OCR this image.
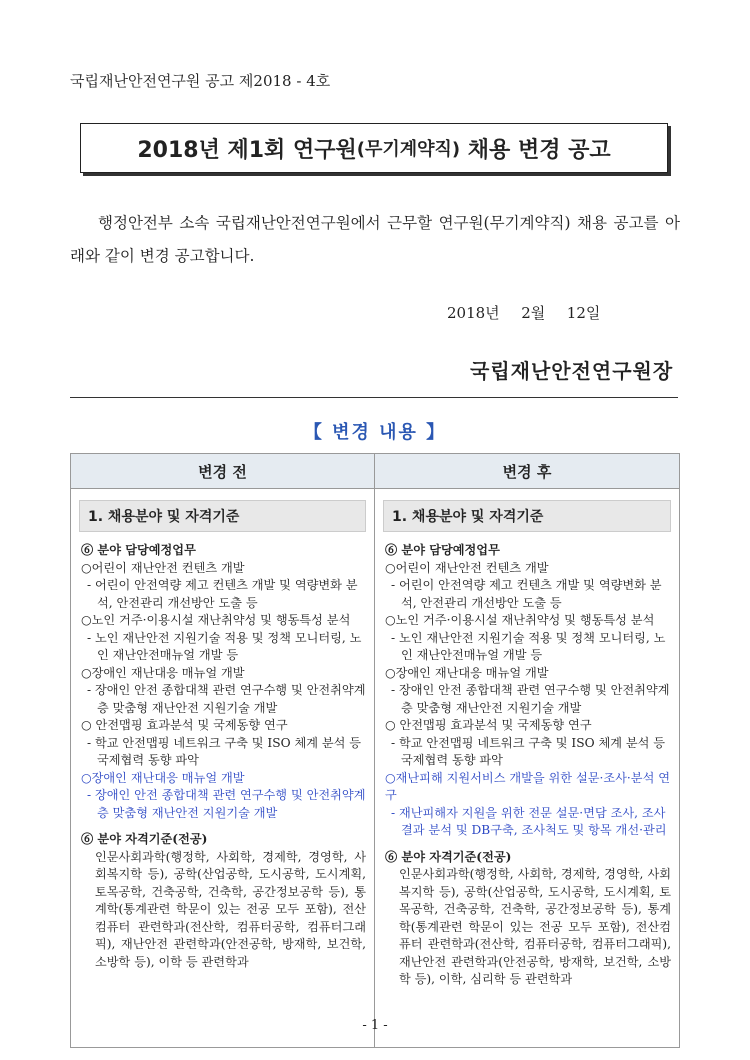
국립재난안전연구원 공고 제2018 - 4호
2018년 제1회 연구원 (무기계약직) 채용 변경 공고
행정안전부 소속 국립재난안전연구원에서 근무할 연구원(무기계약직) 채용 공고를 아래와 같이 변경 공고합니다.
2018년  2월  12일
국립재난안전연구원장
【 변경 내용 】
변경 전
1. 채용분야 및 자격기준
⑥ 분야 담당예정업무
○어린이 재난안전 컨텐츠 개발
- 어린이 안전역량 제고 컨텐츠 개발 및 역량변화 분석, 안전관리 개선방안 도출 등
○노인 거주·이용시설 재난취약성 및 행동특성 분석
- 노인 재난안전 지원기술 적용 및 정책 모니터링, 노인 재난안전매뉴얼 개발 등
○장애인 재난대응 매뉴얼 개발
- 장애인 안전 종합대책 관련 연구수행 및 안전취약계층 맞춤형 재난안전 지원기술 개발
○ 안전맵핑 효과분석 및 국제동향 연구
- 학교 안전맵핑 네트워크 구축 및 ISO 체계 분석 등 국제협력 동향 파악
○장애인 재난대응 매뉴얼 개발
- 장애인 안전 종합대책 관련 연구수행 및 안전취약계층 맞춤형 재난안전 지원기술 개발
⑥ 분야 자격기준(전공)
인문사회과학(행정학, 사회학, 경제학, 경영학, 사회복지학 등), 공학(산업공학, 도시공학, 도시계획, 토목공학, 건축공학, 건축학, 공간정보공학 등), 통계학(통계관련 학문이 있는 전공 모두 포함), 전산컴퓨터 관련학과(전산학, 컴퓨터공학, 컴퓨터그래픽), 재난안전 관련학과(안전공학, 방재학, 보건학, 소방학 등), 이학 등 관련학과
변경 후
1. 채용분야 및 자격기준
⑥ 분야 담당예정업무
○어린이 재난안전 컨텐츠 개발
- 어린이 안전역량 제고 컨텐츠 개발 및 역량변화 분석, 안전관리 개선방안 도출 등
○노인 거주·이용시설 재난취약성 및 행동특성 분석
- 노인 재난안전 지원기술 적용 및 정책 모니터링, 노인 재난안전매뉴얼 개발 등
○장애인 재난대응 매뉴얼 개발
- 장애인 안전 종합대책 관련 연구수행 및 안전취약계층 맞춤형 재난안전 지원기술 개발
○ 안전맵핑 효과분석 및 국제동향 연구
- 학교 안전맵핑 네트워크 구축 및 ISO 체계 분석 등 국제협력 동향 파악
○재난피해 지원서비스 개발을 위한 설문·조사·분석 연구
- 재난피해자 지원을 위한 전문 설문·면담 조사, 조사결과 분석 및 DB구축, 조사척도 및 항목 개선·관리
⑥ 분야 자격기준(전공)
인문사회과학(행정학, 사회학, 경제학, 경영학, 사회복지학 등), 공학(산업공학, 도시공학, 도시계획, 토목공학, 건축공학, 건축학, 공간정보공학 등), 통계학(통계관련 학문이 있는 전공 모두 포함), 전산컴퓨터 관련학과(전산학, 컴퓨터공학, 컴퓨터그래픽), 재난안전 관련학과(안전공학, 방재학, 보건학, 소방학 등), 이학, 심리학 등 관련학과
- 1 -
